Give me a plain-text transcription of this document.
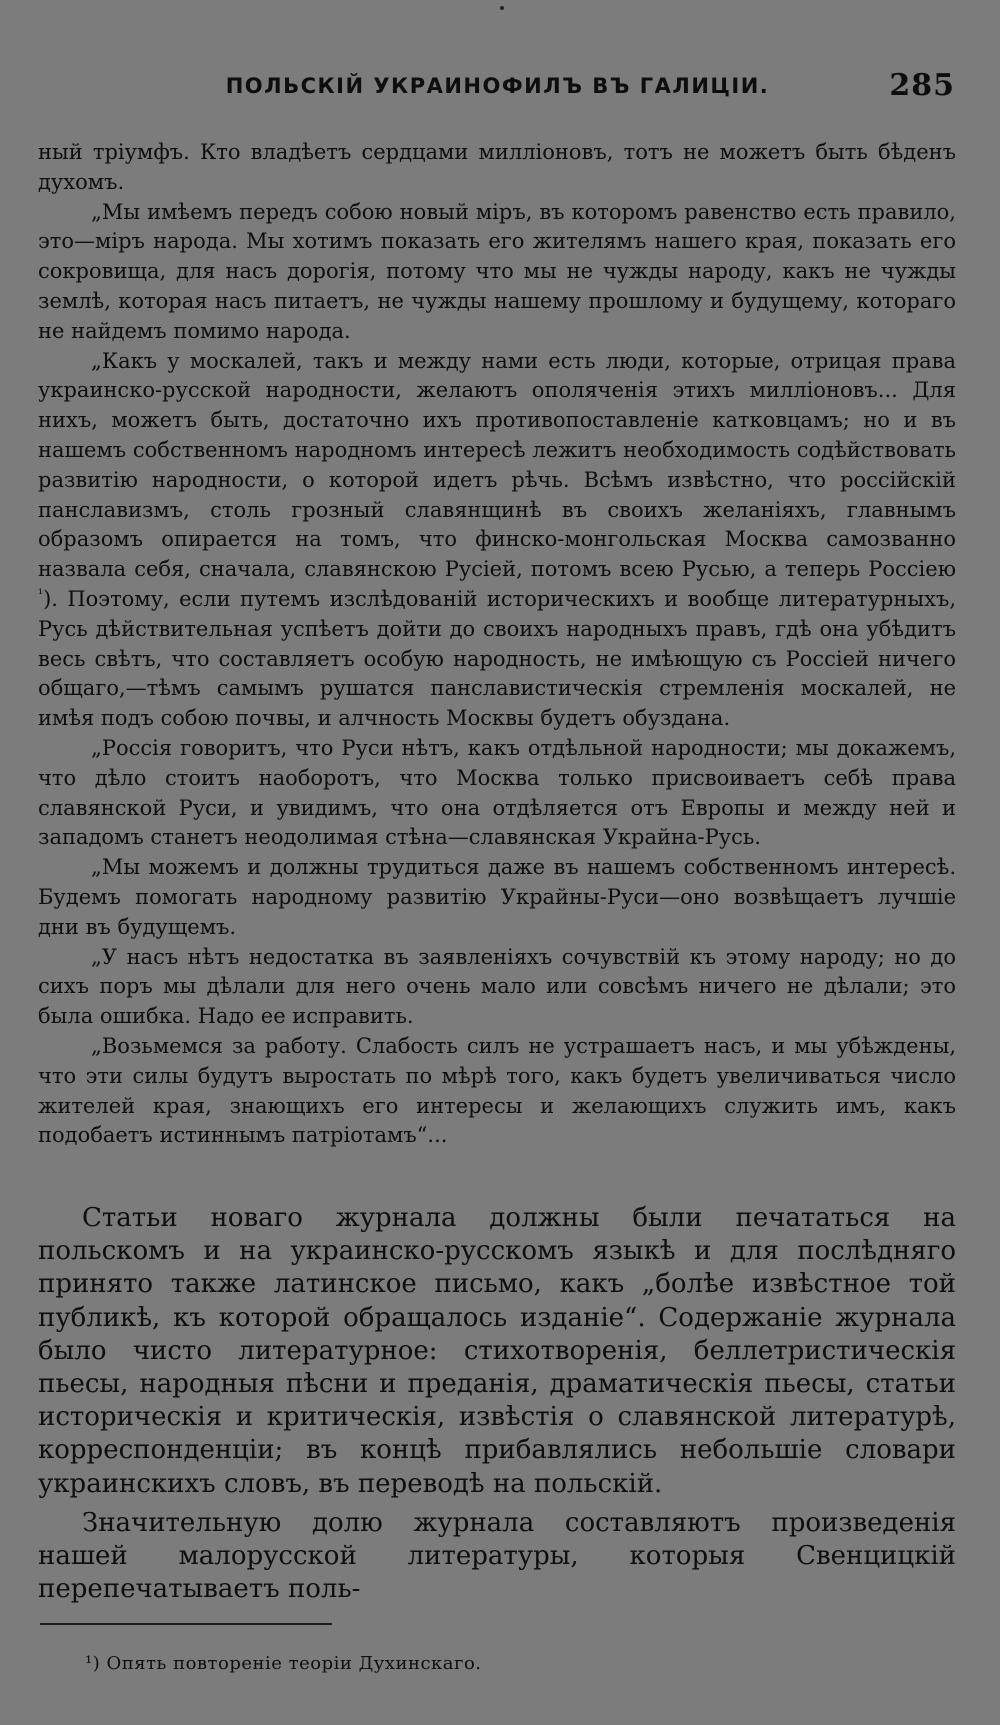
ПОЛЬСКІЙ УКРАИНОФИЛЪ ВЪ ГАЛИЦІИ.	285

ный тріумфъ. Кто владѣетъ сердцами милліоновъ, тотъ не можетъ быть бѣденъ духомъ.

„Мы имѣемъ передъ собою новый міръ, въ которомъ равенство есть правило, это—міръ народа. Мы хотимъ показать его жителямъ нашего края, показать его сокровища, для насъ дорогія, потому что мы не чужды народу, какъ не чужды землѣ, которая насъ питаетъ, не чужды нашему прошлому и будущему, котораго не найдемъ помимо народа.

„Какъ у москалей, такъ и между нами есть люди, которые, отрицая права украинско-русской народности, желаютъ ополяченія этихъ милліоновъ... Для нихъ, можетъ быть, достаточно ихъ противопоставленіе катковцамъ; но и въ нашемъ собственномъ народномъ интересѣ лежитъ необходимость содѣйствовать развитію народности, о которой идетъ рѣчь. Всѣмъ извѣстно, что россійскій панславизмъ, столь грозный славянщинѣ въ своихъ желаніяхъ, главнымъ образомъ опирается на томъ, что финско-монгольская Москва самозванно назвала себя, сначала, славянскою Русіей, потомъ всею Русью, а теперь Россіею $^{^1}$). Поэтому, если путемъ изслѣдованій историческихъ и вообще литературныхъ, Русь дѣйствительная успѣетъ дойти до своихъ народныхъ правъ, гдѣ она убѣдитъ весь свѣтъ, что составляетъ особую народность, не имѣющую съ Россіей ничего общаго,—тѣмъ самымъ рушатся панславистическія стремленія москалей, не имѣя подъ собою почвы, и алчность Москвы будетъ обуздана.

„Россія говоритъ, что Руси нѣтъ, какъ отдѣльной народности; мы докажемъ, что дѣло стоитъ наоборотъ, что Москва только присвоиваетъ себѣ права славянской Руси, и увидимъ, что она отдѣляется отъ Европы и между ней и западомъ станетъ неодолимая стѣна—славянская Украйна-Русь.

„Мы можемъ и должны трудиться даже въ нашемъ собственномъ интересѣ. Будемъ помогать народному развитію Украйны-Руси—оно возвѣщаетъ лучшіе дни въ будущемъ.

„У насъ нѣтъ недостатка въ заявленіяхъ сочувствій къ этому народу; но до сихъ поръ мы дѣлали для него очень мало или совсѣмъ ничего не дѣлали; это была ошибка. Надо ее исправить.

„Возьмемся за работу. Слабость силъ не устрашаетъ насъ, и мы убѣждены, что эти силы будутъ выростать по мѣрѣ того, какъ будетъ увеличиваться число жителей края, знающихъ его интересы и желающихъ служить имъ, какъ подобаетъ истиннымъ патріотамъ“...

Статьи новаго журнала должны были печататься на польскомъ и на украинско-русскомъ языкѣ и для послѣдняго принято также латинское письмо, какъ „болѣе извѣстное той публикѣ, къ которой обращалось изданіе“. Содержаніе журнала было чисто литературное: стихотворенія, беллетристическія пьесы, народныя пѣсни и преданія, драматическія пьесы, статьи историческія и критическія, извѣстія о славянской литературѣ, корреспонденціи; въ концѣ прибавлялись небольшіе словари украинскихъ словъ, въ переводѣ на польскій.

Значительную долю журнала составляютъ произведенія нашей малорусской литературы, которыя Свенцицкій перепечатываетъ поль-

¹) Опять повтореніе теоріи Духинскаго.
